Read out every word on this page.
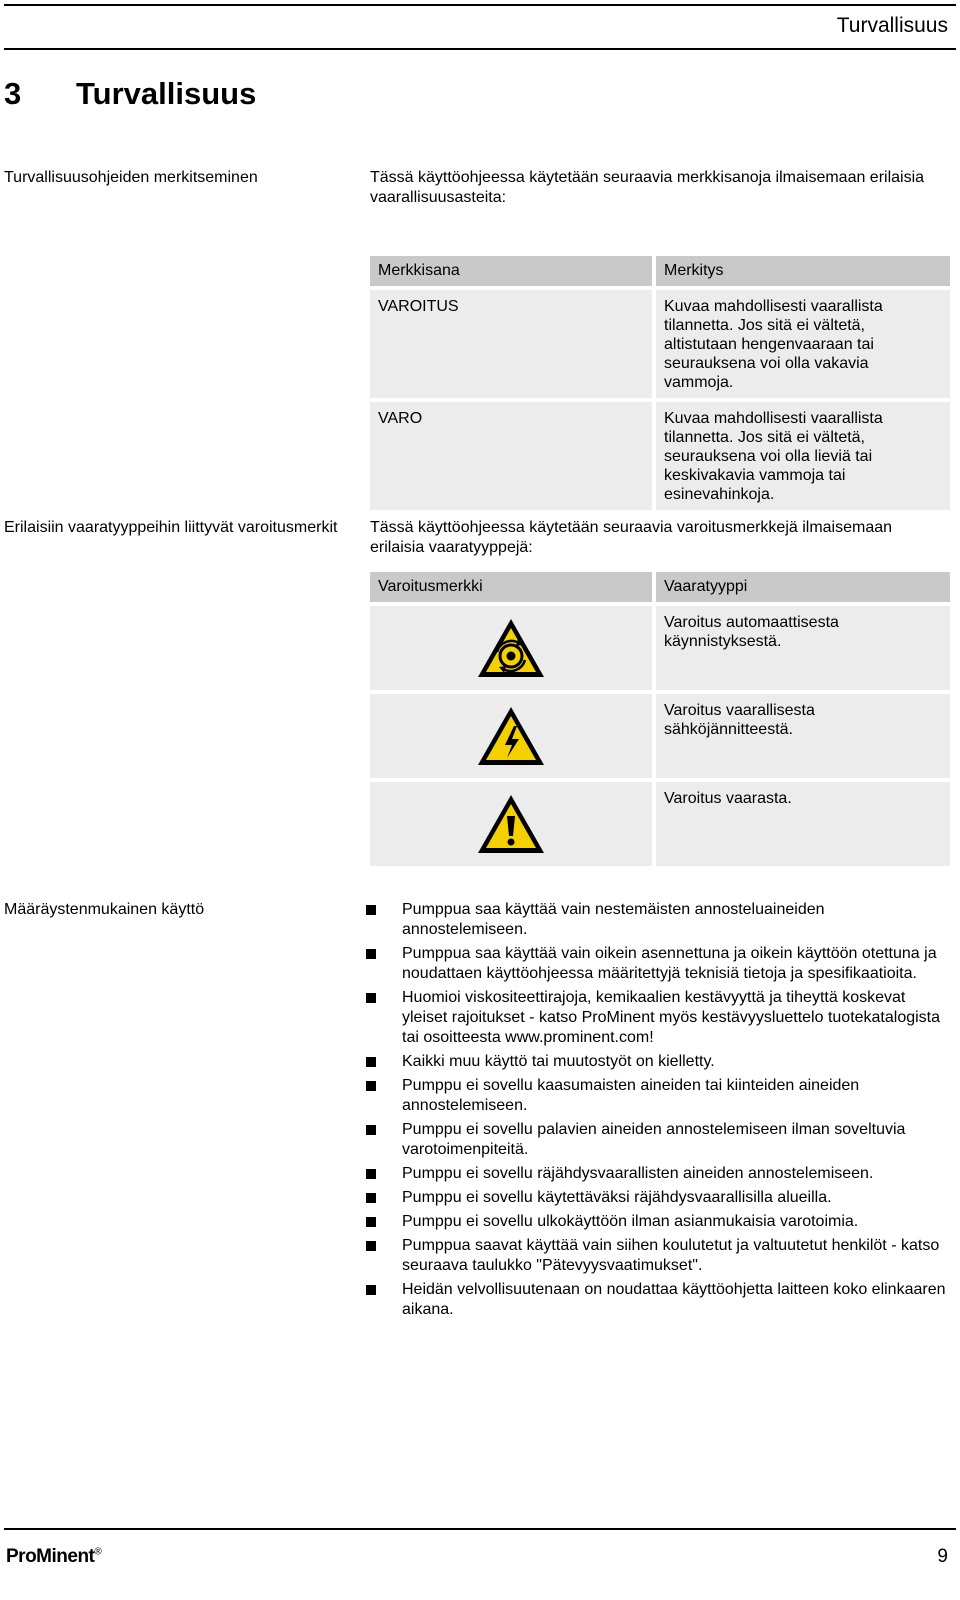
Turvallisuus
3	Turvallisuus
Turvallisuusohjeiden merkitseminen	Tässä käyttöohjeessa käytetään seuraavia merkkisanoja ilmaisemaan erilaisia vaarallisuusasteita:
Merkkisana	Merkitys
VAROITUS	Kuvaa mahdollisesti vaarallista tilannetta. Jos sitä ei vältetä, altistutaan hengenvaaraan tai seurauksena voi olla vakavia vammoja.
VARO	Kuvaa mahdollisesti vaarallista tilannetta. Jos sitä ei vältetä, seurauksena voi olla lieviä tai keskivakavia vammoja tai esinevahinkoja.
Erilaisiin vaaratyyppeihin liittyvät varoitusmerkit	Tässä käyttöohjeessa käytetään seuraavia varoitusmerkkejä ilmaisemaan erilaisia vaaratyyppejä:
Varoitusmerkki	Vaaratyyppi
	Varoitus automaattisesta käynnistyksestä.
	Varoitus vaarallisesta sähköjännitteestä.
	Varoitus vaarasta.
Määräystenmukainen käyttö	Pumppua saa käyttää vain nestemäisten annosteluaineiden annostelemiseen.
Pumppua saa käyttää vain oikein asennettuna ja oikein käyttöön otettuna ja noudattaen käyttöohjeessa määritettyjä teknisiä tietoja ja spesifikaatioita.
Huomioi viskositeettirajoja, kemikaalien kestävyyttä ja tiheyttä koskevat yleiset rajoitukset - katso ProMinent myös kestävyysluettelo tuotekatalogista tai osoitteesta www.prominent.com!
Kaikki muu käyttö tai muutostyöt on kielletty.
Pumppu ei sovellu kaasumaisten aineiden tai kiinteiden aineiden annostelemiseen.
Pumppu ei sovellu palavien aineiden annostelemiseen ilman soveltuvia varotoimenpiteitä.
Pumppu ei sovellu räjähdysvaarallisten aineiden annostelemiseen.
Pumppu ei sovellu käytettäväksi räjähdysvaarallisilla alueilla.
Pumppu ei sovellu ulkokäyttöön ilman asianmukaisia varotoimia.
Pumppua saavat käyttää vain siihen koulutetut ja valtuutetut henkilöt - katso seuraava taulukko "Pätevyysvaatimukset".
Heidän velvollisuutenaan on noudattaa käyttöohjetta laitteen koko elinkaaren aikana.
ProMinent®	9
